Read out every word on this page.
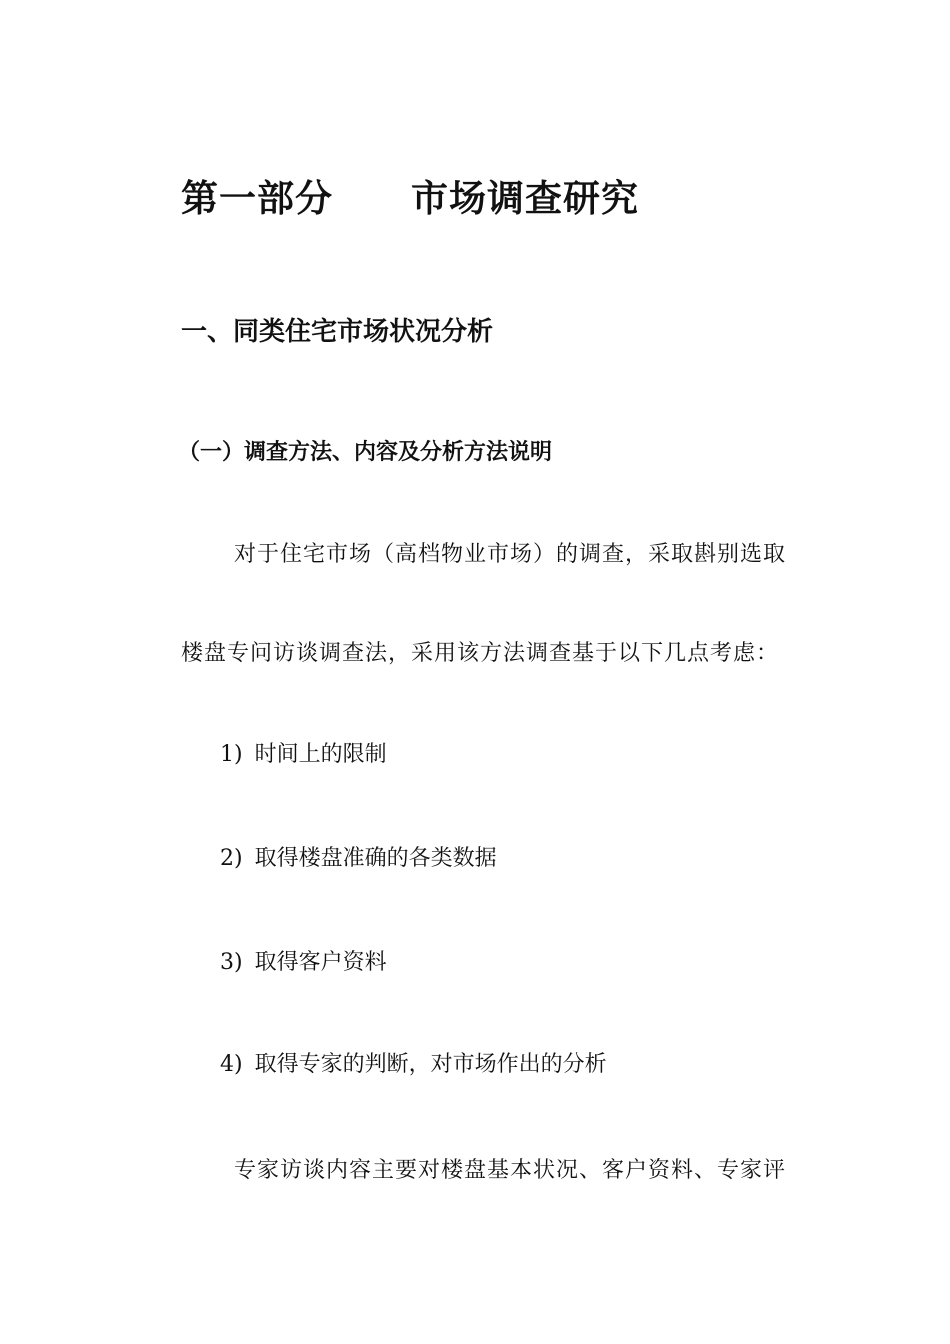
第一部分 市场调查研究
一、同类住宅市场状况分析
（一）调查方法、内容及分析方法说明

对于住宅市场（高档物业市场）的调查，采取斟别选取

楼盘专问访谈调查法，采用该方法调查基于以下几点考虑：

1) 时间上的限制
2) 取得楼盘准确的各类数据
3) 取得客户资料
4) 取得专家的判断，对市场作出的分析

专家访谈内容主要对楼盘基本状况、客户资料、专家评
